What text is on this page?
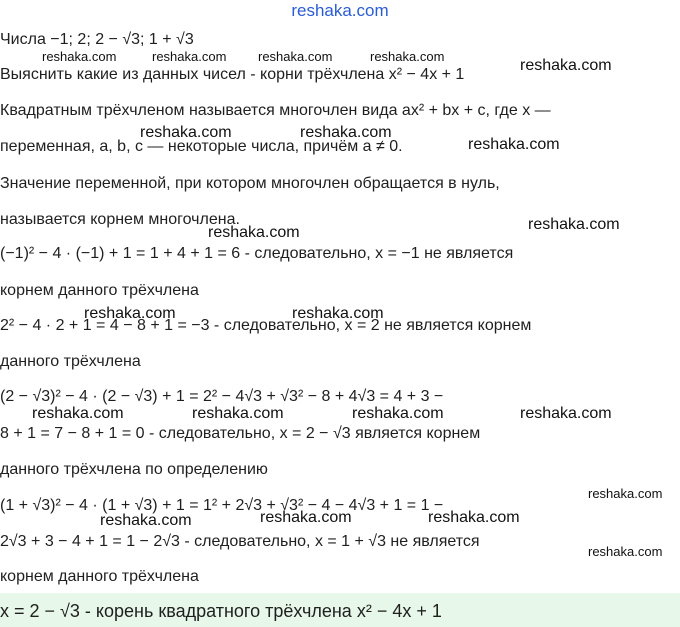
reshaka.com
Числа −1; 2; 2 − √3; 1 + √3
Выяснить какие из данных чисел - корни трёхчлена x² − 4x + 1
Квадратным трёхчленом называется многочлен вида ax² + bx + c, где x —
переменная, a, b, c — некоторые числа, причём a ≠ 0.
Значение переменной, при котором многочлен обращается в нуль,
называется корнем многочлена.
(−1)² − 4 · (−1) + 1 = 1 + 4 + 1 = 6 - следовательно, x = −1 не является
корнем данного трёхчлена
2² − 4 · 2 + 1 = 4 − 8 + 1 = −3 - следовательно, x = 2 не является корнем
данного трёхчлена
(2 − √3)² − 4 · (2 − √3) + 1 = 2² − 4√3 + √3² − 8 + 4√3 = 4 + 3 −
8 + 1 = 7 − 8 + 1 = 0 - следовательно, x = 2 − √3 является корнем
данного трёхчлена по определению
(1 + √3)² − 4 · (1 + √3) + 1 = 1² + 2√3 + √3² − 4 − 4√3 + 1 = 1 −
2√3 + 3 − 4 + 1 = 1 − 2√3 - следовательно, x = 1 + √3 не является
корнем данного трёхчлена
x = 2 − √3 - корень квадратного трёхчлена x² − 4x + 1
reshaka.com	reshaka.com reshaka.com	reshaka.com
reshaka.com
reshaka.com	reshaka.com
reshaka.com
reshaka.com
reshaka.com
reshaka.com	reshaka.com
reshaka.com	reshaka.com	reshaka.com	reshaka.com
reshaka.com
reshaka.com	reshaka.com	reshaka.com
reshaka.com
